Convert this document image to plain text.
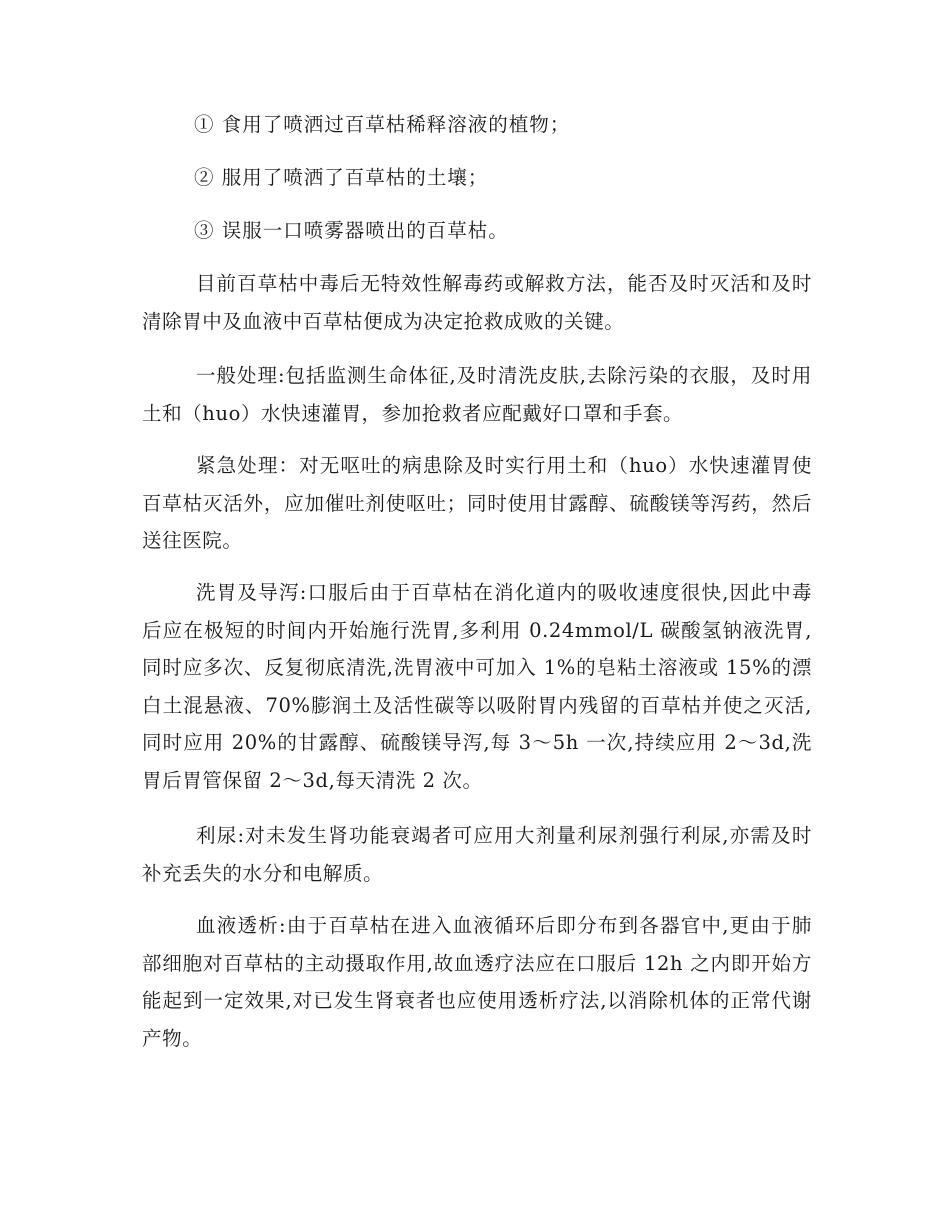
① 食用了喷洒过百草枯稀释溶液的植物；

② 服用了喷洒了百草枯的土壤；

③ 误服一口喷雾器喷出的百草枯。

目前百草枯中毒后无特效性解毒药或解救方法，能否及时灭活和及时清除胃中及血液中百草枯便成为决定抢救成败的关键。

一般处理:包括监测生命体征,及时清洗皮肤,去除污染的衣服，及时用土和（huo）水快速灌胃，参加抢救者应配戴好口罩和手套。

紧急处理：对无呕吐的病患除及时实行用土和（huo）水快速灌胃使百草枯灭活外，应加催吐剂使呕吐；同时使用甘露醇、硫酸镁等泻药，然后送往医院。

洗胃及导泻:口服后由于百草枯在消化道内的吸收速度很快,因此中毒后应在极短的时间内开始施行洗胃,多利用 0.24mmol/L 碳酸氢钠液洗胃,同时应多次、反复彻底清洗,洗胃液中可加入 1%的皂粘土溶液或 15%的漂白土混悬液、70%膨润土及活性碳等以吸附胃内残留的百草枯并使之灭活,同时应用 20%的甘露醇、硫酸镁导泻,每 3～5h 一次,持续应用 2～3d,洗胃后胃管保留 2～3d,每天清洗 2 次。

利尿:对未发生肾功能衰竭者可应用大剂量利尿剂强行利尿,亦需及时补充丢失的水分和电解质。

血液透析:由于百草枯在进入血液循环后即分布到各器官中,更由于肺部细胞对百草枯的主动摄取作用,故血透疗法应在口服后 12h 之内即开始方能起到一定效果,对已发生肾衰者也应使用透析疗法,以消除机体的正常代谢产物。
